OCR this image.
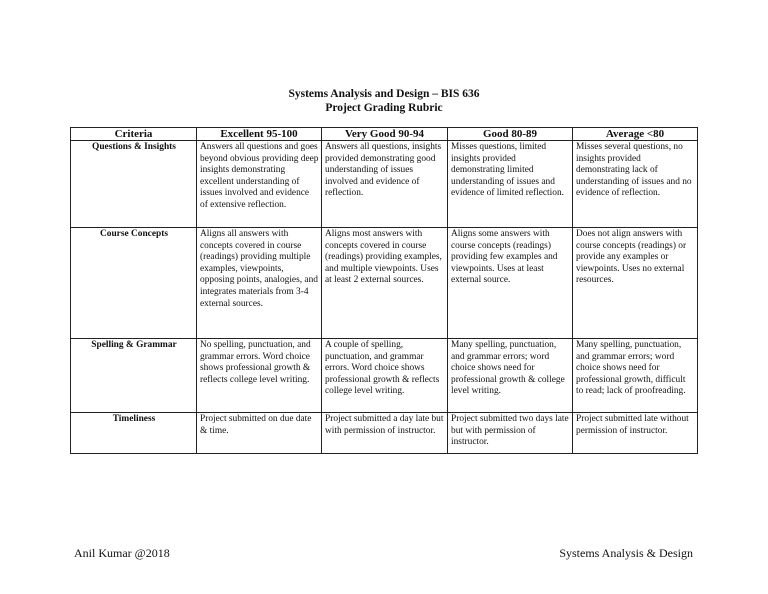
Systems Analysis and Design – BIS 636
Project Grading Rubric
Criteria	Excellent 95-100	Very Good 90-94	Good 80-89	Average <80
Questions & Insights	Answers all questions and goes beyond obvious providing deep insights demonstrating excellent understanding of issues involved and evidence of extensive reflection.	Answers all questions, insights provided demonstrating good understanding of issues involved and evidence of reflection.	Misses questions, limited insights provided demonstrating limited understanding of issues and evidence of limited reflection.	Misses several questions, no insights provided demonstrating lack of understanding of issues and no evidence of reflection.
Course Concepts	Aligns all answers with concepts covered in course (readings) providing multiple examples, viewpoints, opposing points, analogies, and integrates materials from 3-4 external sources.	Aligns most answers with concepts covered in course (readings) providing examples, and multiple viewpoints. Uses at least 2 external sources.	Aligns some answers with course concepts (readings) providing few examples and viewpoints. Uses at least external source.	Does not align answers with course concepts (readings) or provide any examples or viewpoints. Uses no external resources.
Spelling & Grammar	No spelling, punctuation, and grammar errors. Word choice shows professional growth & reflects college level writing.	A couple of spelling, punctuation, and grammar errors. Word choice shows professional growth & reflects college level writing.	Many spelling, punctuation, and grammar errors; word choice shows need for professional growth & college level writing.	Many spelling, punctuation, and grammar errors; word choice shows need for professional growth, difficult to read; lack of proofreading.
Timeliness	Project submitted on due date & time.	Project submitted a day late but with permission of instructor.	Project submitted two days late but with permission of instructor.	Project submitted late without permission of instructor.
Anil Kumar @2018	Systems Analysis & Design
